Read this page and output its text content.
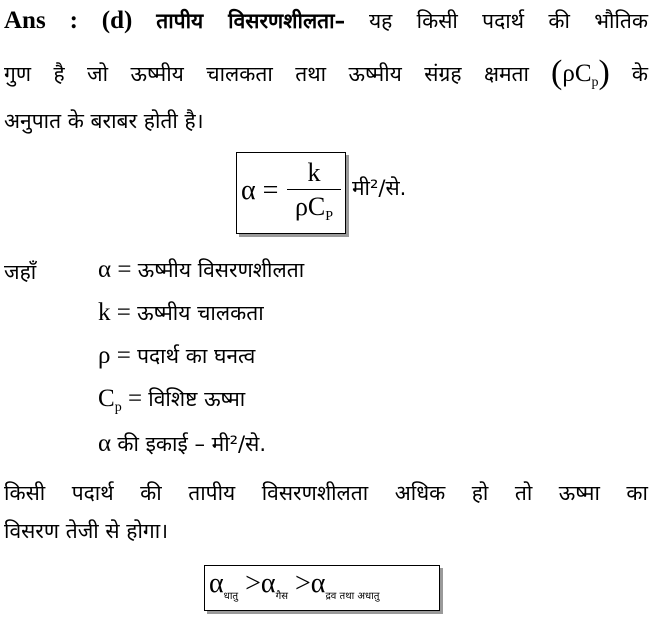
Ans : (d) तापीय विसरणशीलता– यह किसी पदार्थ की भौतिक
गुण है जो ऊष्मीय चालकता तथा ऊष्मीय संग्रह क्षमता $(\rho C_p)$ के
अनुपात के बराबर होती है।
α =
k
$\rho C_P$
मी²/से.
जहाँ α = ऊष्मीय विसरणशीलता
k = ऊष्मीय चालकता
ρ = पदार्थ का घनत्व
$C_p$ = विशिष्ट ऊष्मा
α की इकाई – मी²/से.
किसी पदार्थ की तापीय विसरणशीलता अधिक हो तो ऊष्मा का
विसरण तेजी से होगा।
$\alpha_{धातु} >\alpha_{गैस} >\alpha_{द्रव तथा अधातु}$
